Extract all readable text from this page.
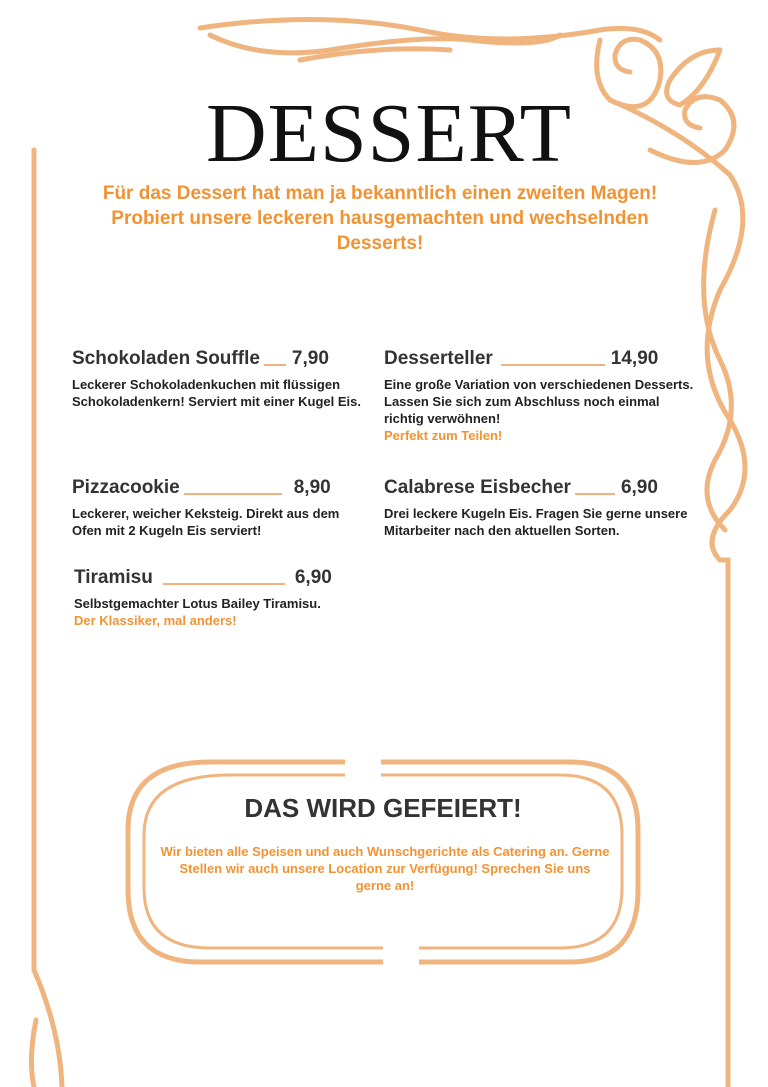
DESSERT
Für das Dessert hat man ja bekanntlich einen zweiten Magen! Probiert unsere leckeren hausgemachten und wechselnden Desserts!
Schokoladen Souffle 7,90
Leckerer Schokoladenkuchen mit flüssigen Schokoladenkern! Serviert mit einer Kugel Eis.
Desserteller	14,90
Eine große Variation von verschiedenen Desserts. Lassen Sie sich zum Abschluss noch einmal richtig verwöhnen!
Perfekt zum Teilen!
Pizzacookie	8,90
Leckerer, weicher Keksteig. Direkt aus dem Ofen mit 2 Kugeln Eis serviert!
Calabrese Eisbecher	6,90
Drei leckere Kugeln Eis. Fragen Sie gerne unsere Mitarbeiter nach den aktuellen Sorten.
Tiramisu	6,90
Selbstgemachter Lotus Bailey Tiramisu.
Der Klassiker, mal anders!
DAS WIRD GEFEIERT!
Wir bieten alle Speisen und auch Wunschgerichte als Catering an. Gerne Stellen wir auch unsere Location zur Verfügung! Sprechen Sie uns gerne an!
